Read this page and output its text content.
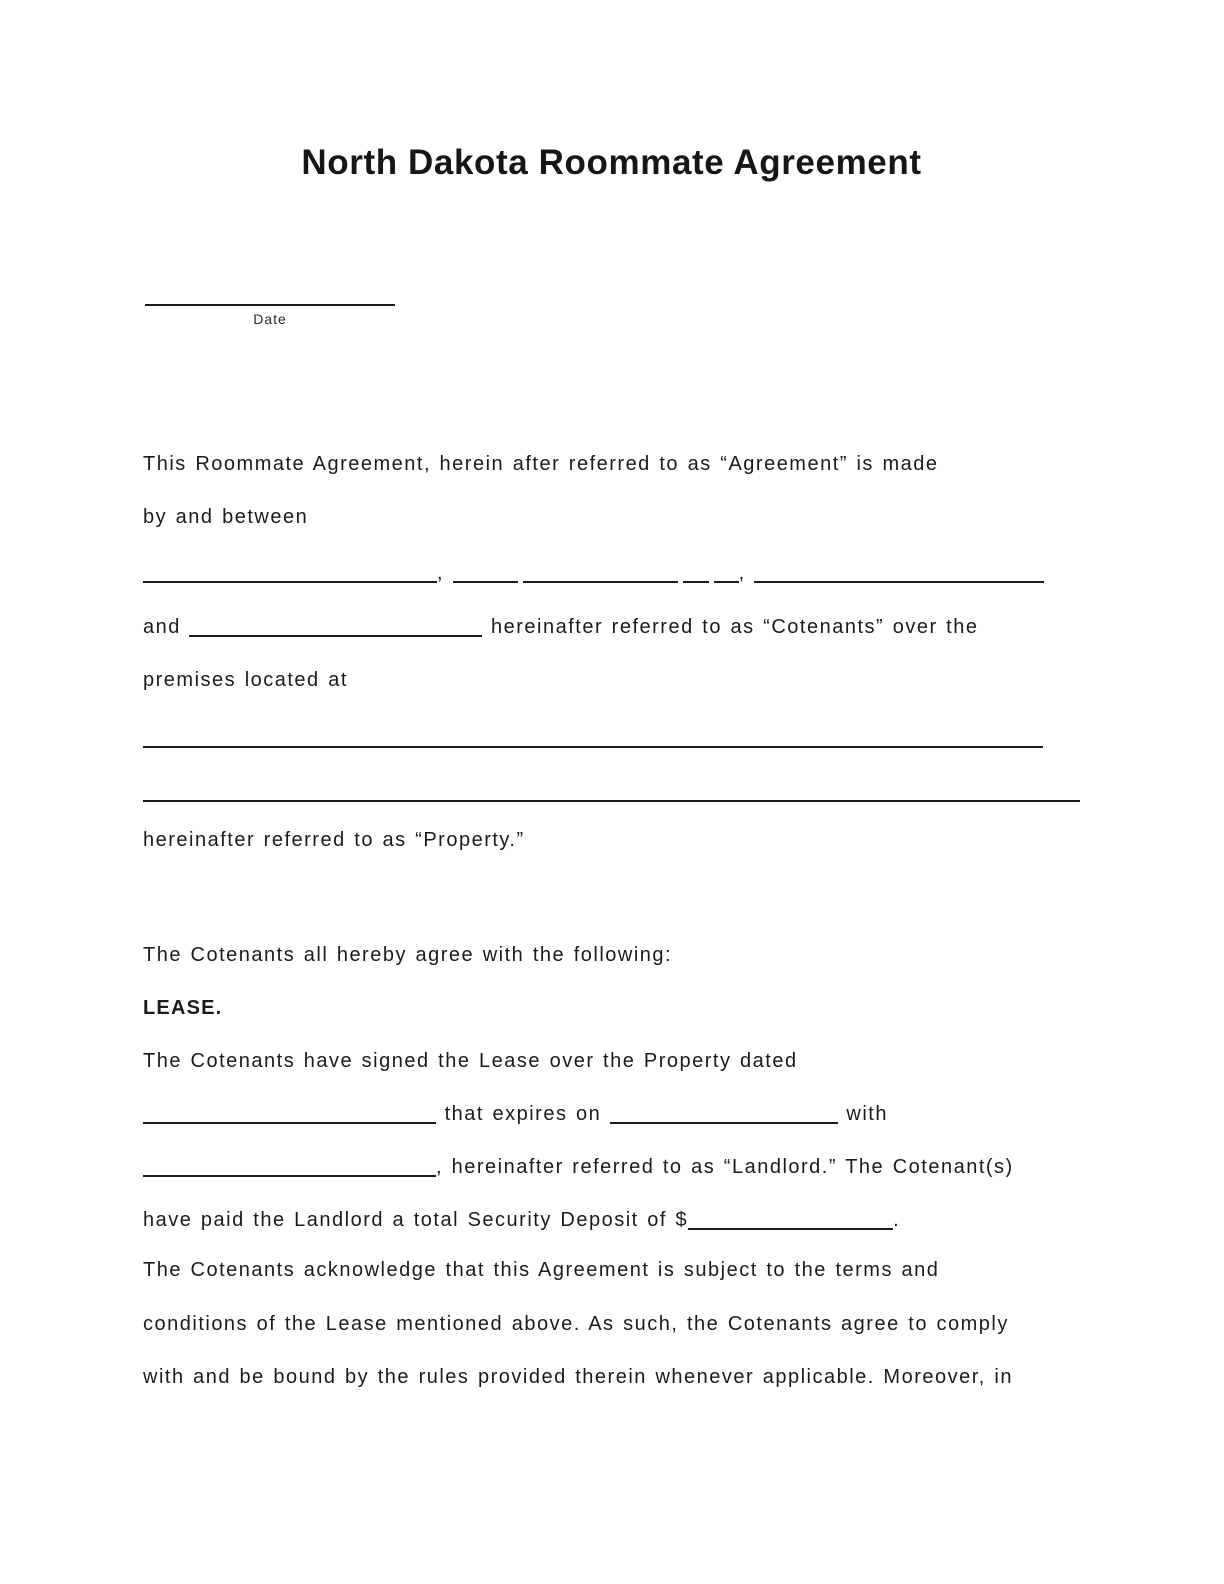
North Dakota Roommate Agreement
Date
This Roommate Agreement, herein after referred to as “Agreement” is made
by and between
,	,
and	hereinafter referred to as “Cotenants” over the
premises located at
hereinafter referred to as “Property.”
The Cotenants all hereby agree with the following:
LEASE.
The Cotenants have signed the Lease over the Property dated
that expires on	with
, hereinafter referred to as “Landlord.” The Cotenant(s)
have paid the Landlord a total Security Deposit of $	.
The Cotenants acknowledge that this Agreement is subject to the terms and
conditions of the Lease mentioned above. As such, the Cotenants agree to comply
with and be bound by the rules provided therein whenever applicable. Moreover, in
